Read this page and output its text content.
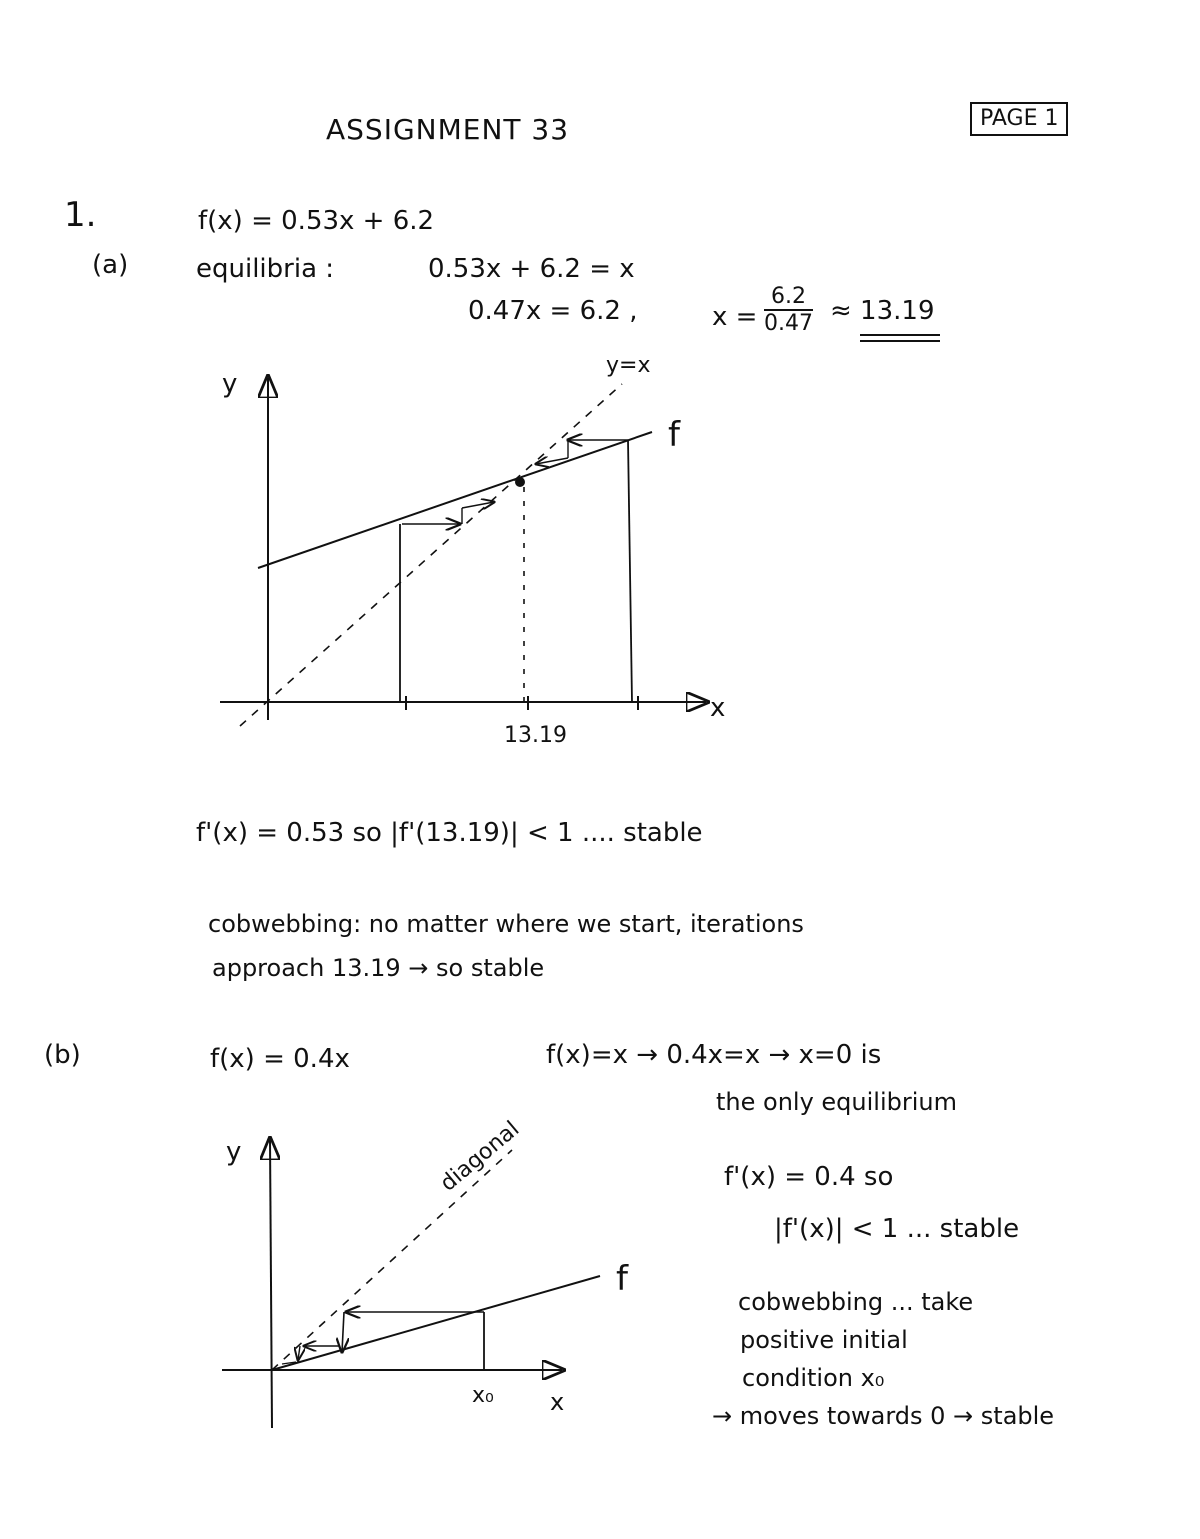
ASSIGNMENT 33	PAGE 1
1.	f(x) = 0.53x + 6.2
(a)	equilibria :	0.53x + 6.2 = x
0.47x = 6.2 ,	$x = \frac{6.2}{0.47} \approx 13.19$
y
x
y=x
f
13.19
f'(x) = 0.53 so |f'(13.19)| < 1 .... stable
cobwebbing: no matter where we start, iterations
approach 13.19 → so stable
(b)	f(x) = 0.4x	f(x)=x → 0.4x=x → x=0 is
the only equilibrium
f'(x) = 0.4 so
|f'(x)| < 1 ... stable
cobwebbing ... take
positive initial
condition x₀
→ moves towards 0 → stable
y
x
diagonal
f
x₀
